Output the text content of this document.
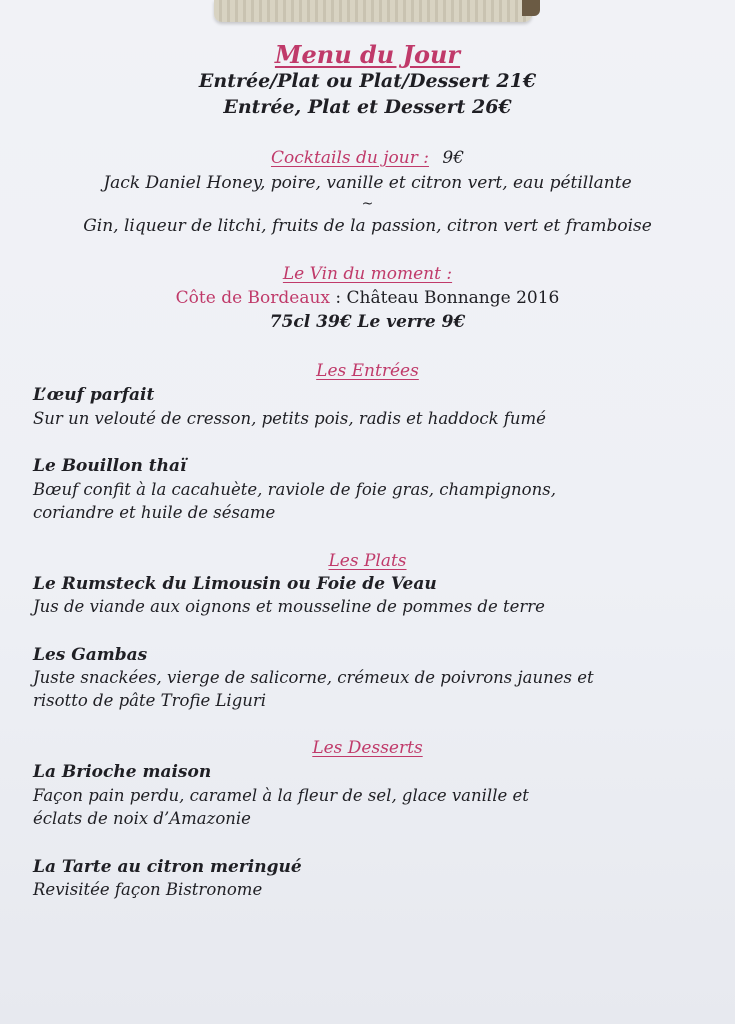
Menu du Jour
Entrée/Plat ou Plat/Dessert 21€
Entrée, Plat et Dessert 26€
Cocktails du jour : 9€
Jack Daniel Honey, poire, vanille et citron vert, eau pétillante
~
Gin, liqueur de litchi, fruits de la passion, citron vert et framboise
Le Vin du moment :
Côte de Bordeaux : Château Bonnange 2016
75cl 39€ Le verre 9€
Les Entrées
L’œuf parfait
Sur un velouté de cresson, petits pois, radis et haddock fumé
Le Bouillon thaï
Bœuf confit à la cacahuète, raviole de foie gras, champignons,
coriandre et huile de sésame
Les Plats
Le Rumsteck du Limousin ou Foie de Veau
Jus de viande aux oignons et mousseline de pommes de terre
Les Gambas
Juste snackées, vierge de salicorne, crémeux de poivrons jaunes et
risotto de pâte Trofie Liguri
Les Desserts
La Brioche maison
Façon pain perdu, caramel à la fleur de sel, glace vanille et
éclats de noix d’Amazonie
La Tarte au citron meringué
Revisitée façon Bistronome
